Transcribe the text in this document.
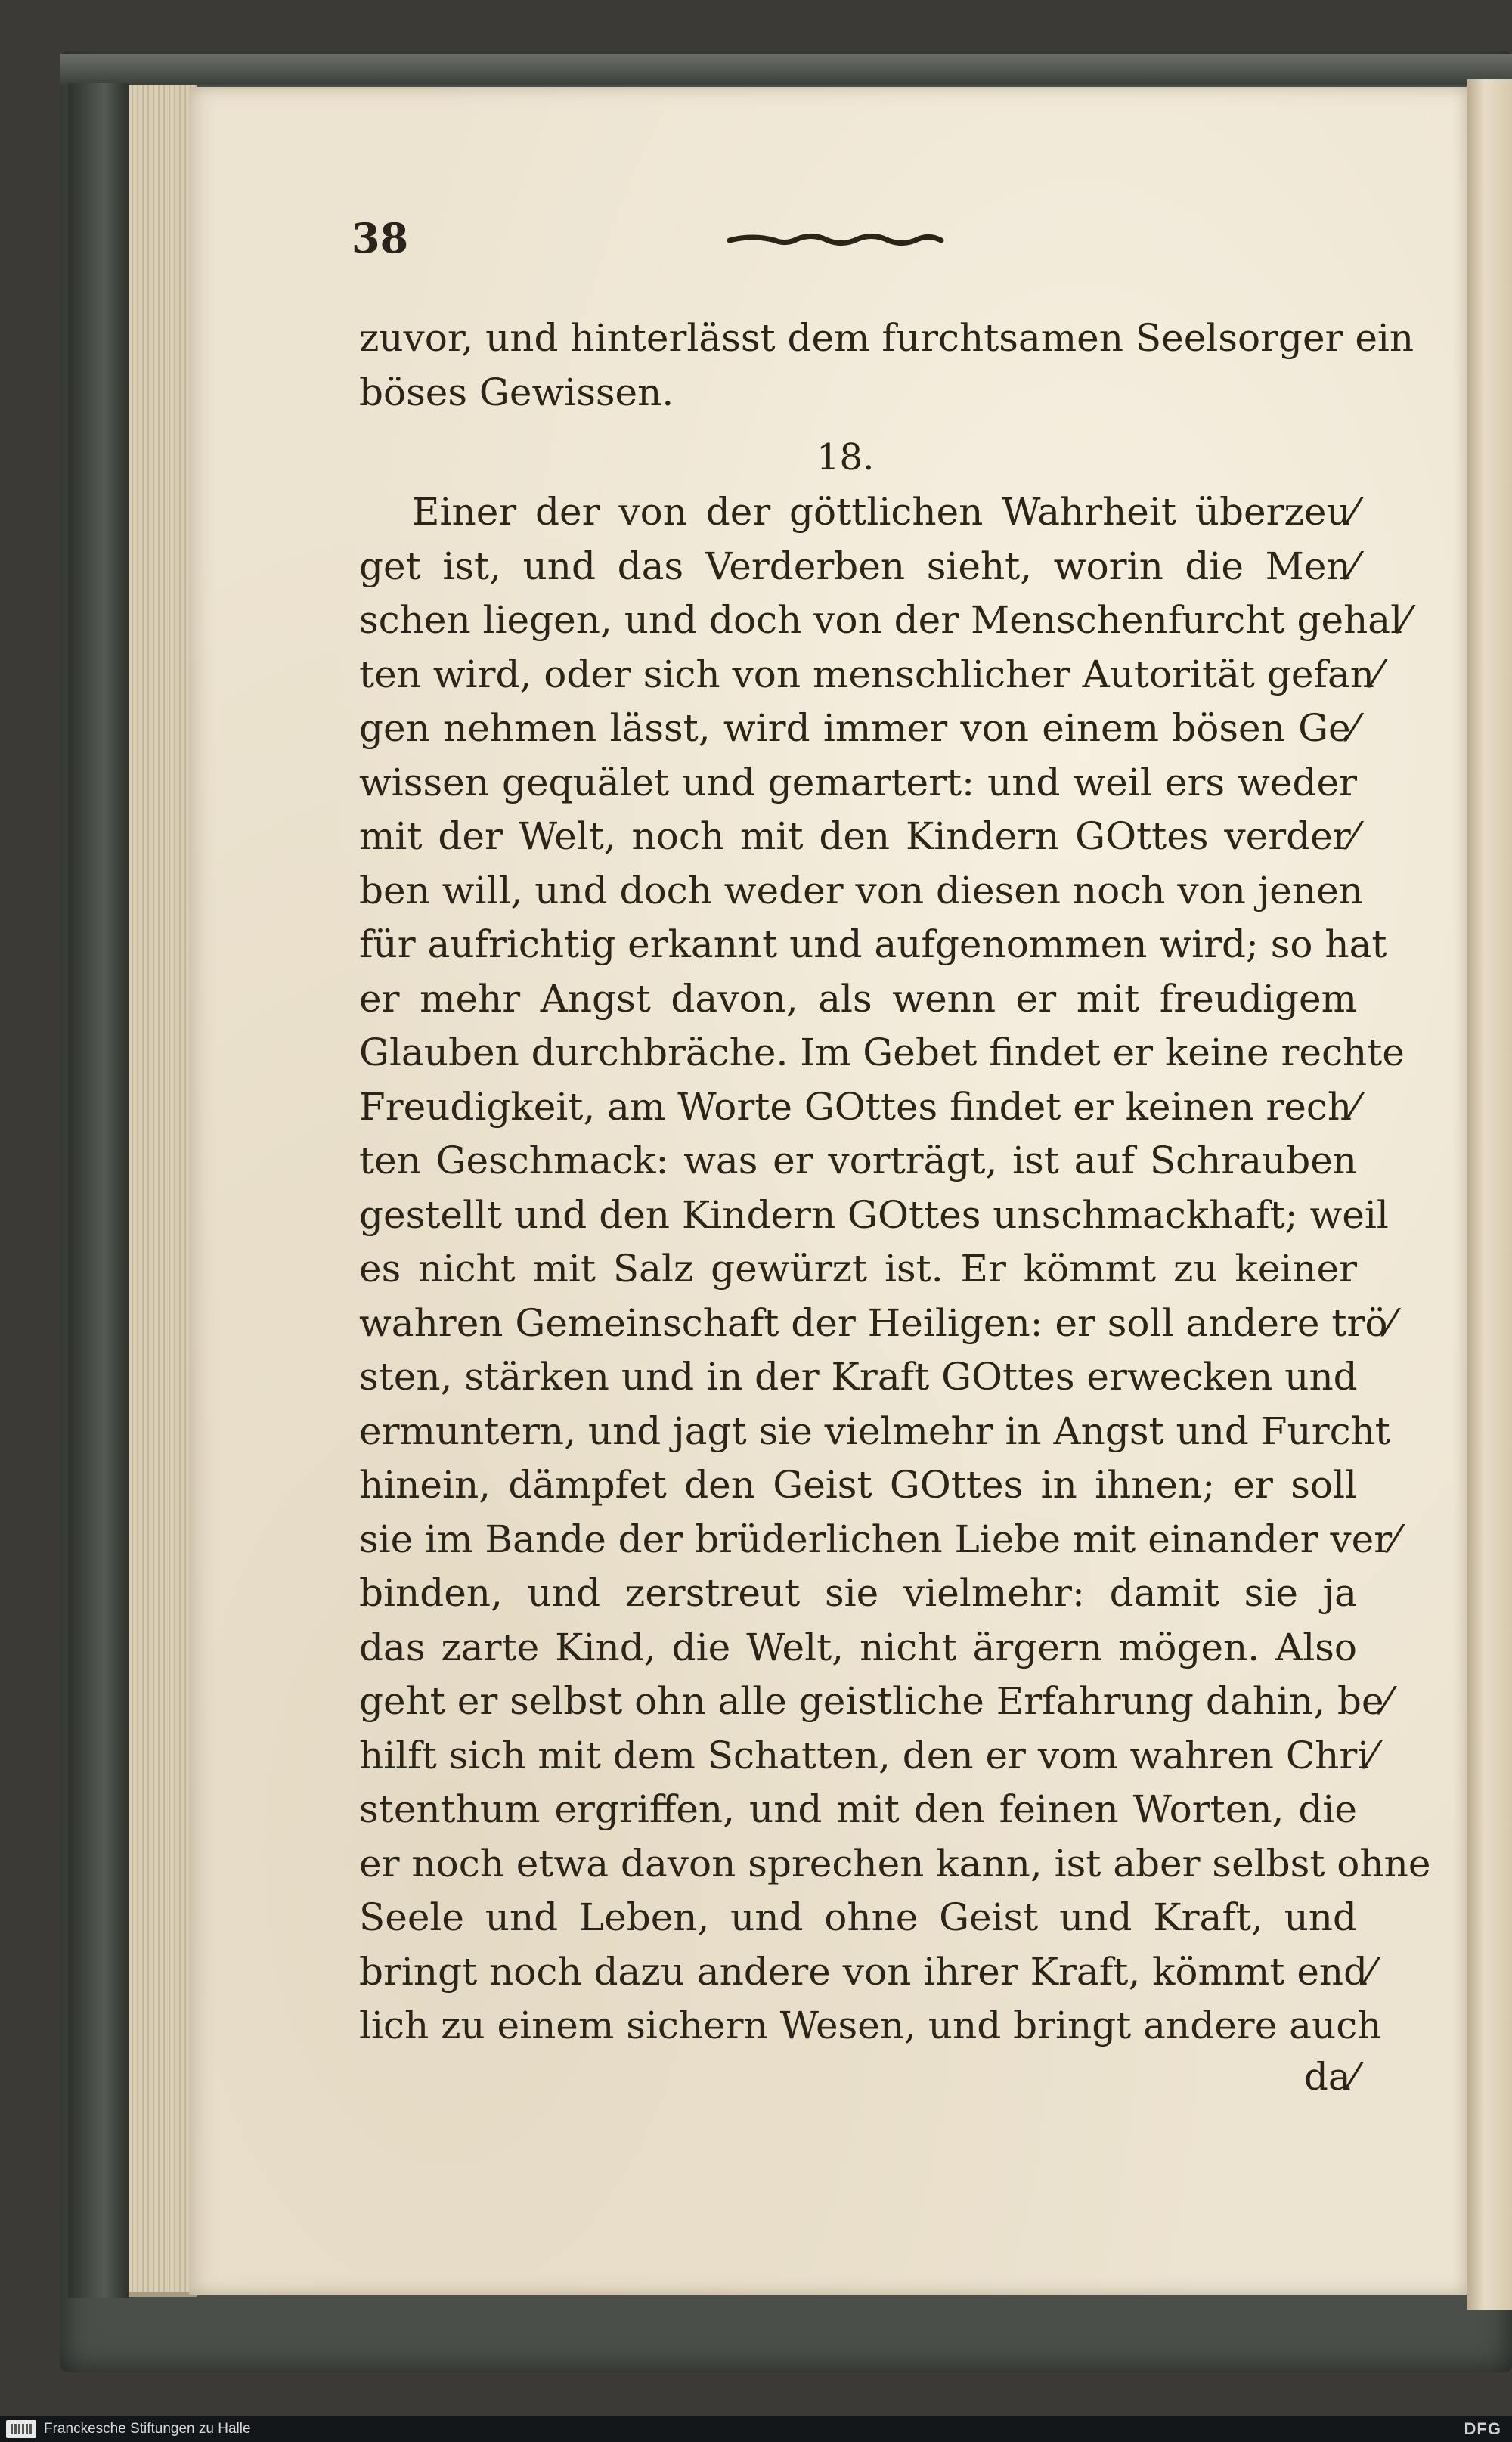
38
zuvor, und hinterlässt dem furchtsamen Seelsorger ein
böses Gewissen.
18.
Einer der von der göttlichen Wahrheit überzeu⁄
get ist, und das Verderben sieht, worin die Men⁄
schen liegen, und doch von der Menschenfurcht gehal⁄
ten wird, oder sich von menschlicher Autorität gefan⁄
gen nehmen lässt, wird immer von einem bösen Ge⁄
wissen gequälet und gemartert: und weil ers weder
mit der Welt, noch mit den Kindern GOttes verder⁄
ben will, und doch weder von diesen noch von jenen
für aufrichtig erkannt und aufgenommen wird; so hat
er mehr Angst davon, als wenn er mit freudigem
Glauben durchbräche. Im Gebet findet er keine rechte
Freudigkeit, am Worte GOttes findet er keinen rech⁄
ten Geschmack: was er vorträgt, ist auf Schrauben
gestellt und den Kindern GOttes unschmackhaft; weil
es nicht mit Salz gewürzt ist. Er kömmt zu keiner
wahren Gemeinschaft der Heiligen: er soll andere trö⁄
sten, stärken und in der Kraft GOttes erwecken und
ermuntern, und jagt sie vielmehr in Angst und Furcht
hinein, dämpfet den Geist GOttes in ihnen; er soll
sie im Bande der brüderlichen Liebe mit einander ver⁄
binden, und zerstreut sie vielmehr: damit sie ja
das zarte Kind, die Welt, nicht ärgern mögen. Also
geht er selbst ohn alle geistliche Erfahrung dahin, be⁄
hilft sich mit dem Schatten, den er vom wahren Chri⁄
stenthum ergriffen, und mit den feinen Worten, die
er noch etwa davon sprechen kann, ist aber selbst ohne
Seele und Leben, und ohne Geist und Kraft, und
bringt noch dazu andere von ihrer Kraft, kömmt end⁄
lich zu einem sichern Wesen, und bringt andere auch
da⁄
Franckesche Stiftungen zu Halle	DFG
